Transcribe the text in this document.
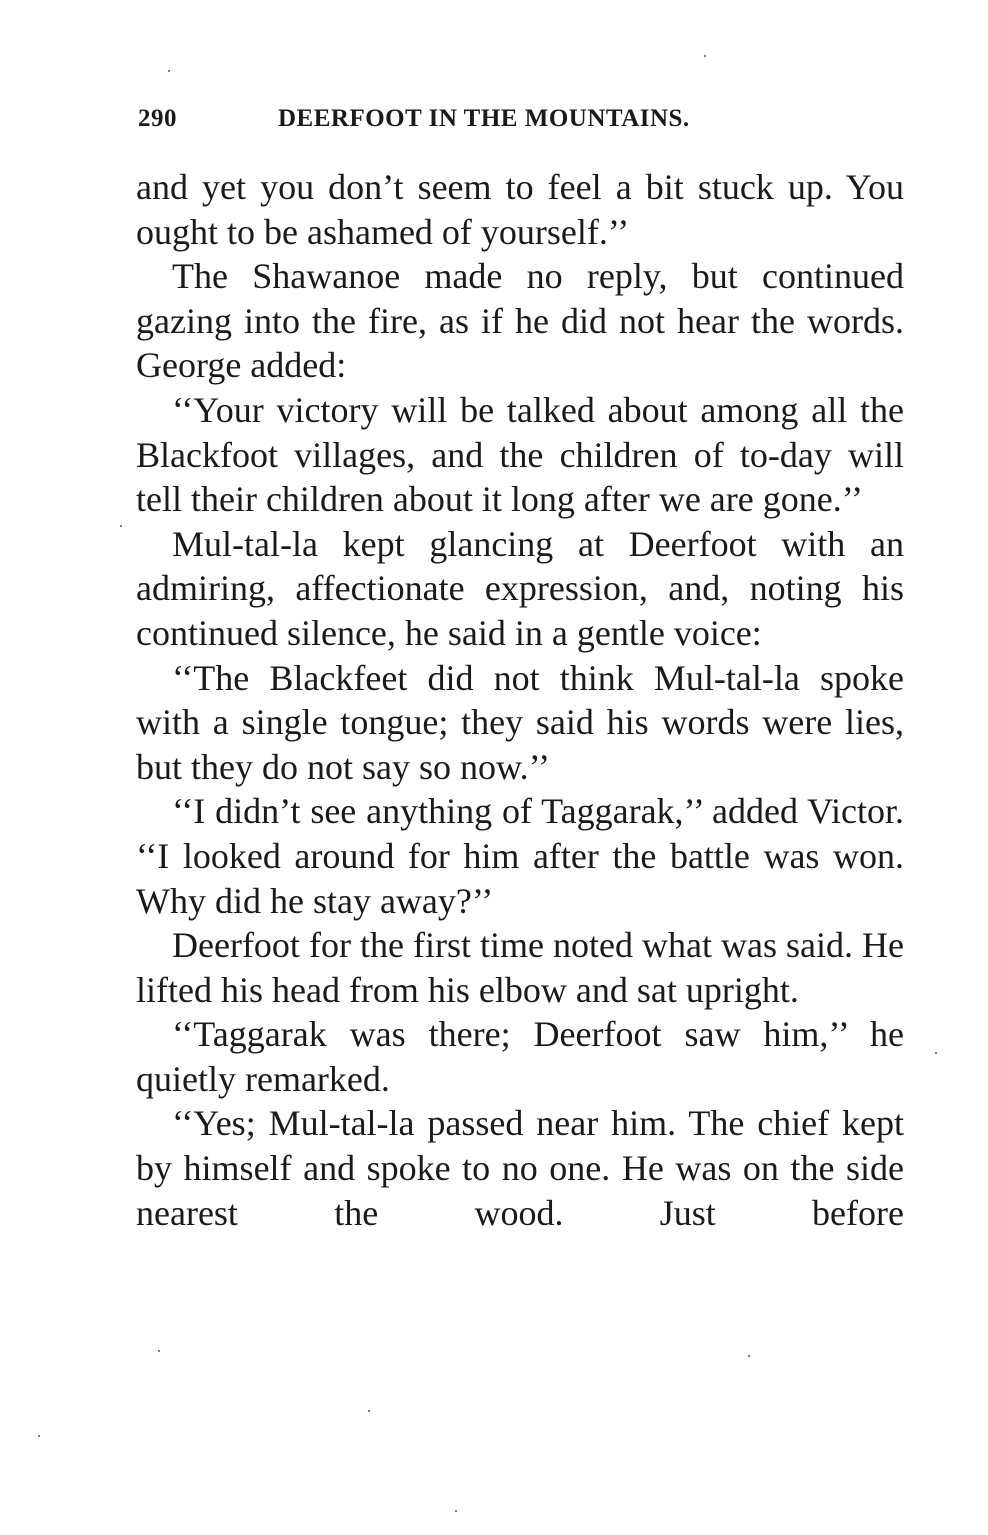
290	DEERFOOT IN THE MOUNTAINS.

and yet you don’t seem to feel a bit stuck up. You ought to be ashamed of yourself.’’

The Shawanoe made no reply, but continued gazing into the fire, as if he did not hear the words. George added:

‘‘Your victory will be talked about among all the Blackfoot villages, and the children of to-day will tell their children about it long after we are gone.’’

Mul-tal-la kept glancing at Deerfoot with an admiring, affectionate expression, and, noting his continued silence, he said in a gentle voice:

‘‘The Blackfeet did not think Mul-tal-la spoke with a single tongue; they said his words were lies, but they do not say so now.’’

‘‘I didn’t see anything of Taggarak,’’ added Victor. ‘‘I looked around for him after the battle was won. Why did he stay away?’’

Deerfoot for the first time noted what was said. He lifted his head from his elbow and sat upright.

‘‘Taggarak was there; Deerfoot saw him,’’ he quietly remarked.

‘‘Yes; Mul-tal-la passed near him. The chief kept by himself and spoke to no one. He was on the side nearest the wood. Just before
